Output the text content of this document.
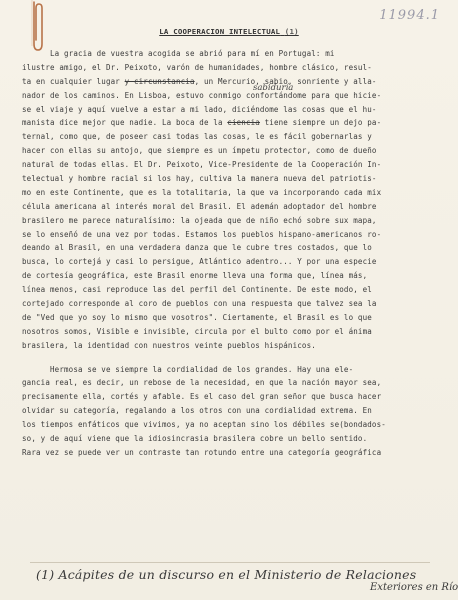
11994.1
LA COOPERACION INTELECTUAL (1)
sabiduría
La gracia de vuestra acogida se abrió para mí en Portugal: mi
ilustre amigo, el Dr. Peixoto, varón de humanidades, hombre clásico, resul-
ta en cualquier lugar y circunstancia, un Mercurio, sabio, sonriente y alla-
nador de los caminos. En Lisboa, estuvo conmigo confortándome para que hicie-
se el viaje y aquí vuelve a estar a mi lado, diciéndome las cosas que el hu-
manista dice mejor que nadie. La boca de la ciencia tiene siempre un dejo pa-
ternal, como que, de poseer casi todas las cosas, le es fácil gobernarlas y
hacer con ellas su antojo, que siempre es un ímpetu protector, como de dueño
natural de todas ellas. El Dr. Peixoto, Vice-Presidente de la Cooperación In-
telectual y hombre racial si los hay, cultiva la manera nueva del patriotis-
mo en este Continente, que es la totalitaria, la que va incorporando cada mix
célula americana al interés moral del Brasil. El ademán adoptador del hombre
brasilero me parece naturalísimo: la ojeada que de niño echó sobre sux mapa,
se lo enseñó de una vez por todas. Estamos los pueblos hispano-americanos ro-
deando al Brasil, en una verdadera danza que le cubre tres costados, que lo
busca, lo cortejá y casi lo persigue, Atlántico adentro... Y por una especie
de cortesía geográfica, este Brasil enorme lleva una forma que, línea más,
línea menos, casi reproduce las del perfil del Continente. De este modo, el
cortejado corresponde al coro de pueblos con una respuesta que talvez sea la
de "Ved que yo soy lo mismo que vosotros". Ciertamente, el Brasil es lo que
nosotros somos, Visible e invisible, circula por el bulto como por el ánima
brasilera, la identidad con nuestros veinte pueblos hispánicos.
Hermosa se ve siempre la cordialidad de los grandes. Hay una ele-
gancia real, es decir, un rebose de la necesidad, en que la nación mayor sea,
precisamente ella, cortés y afable. Es el caso del gran señor que busca hacer
olvidar su categoría, regalando a los otros con una cordialidad extrema. En
los tiempos enfáticos que vivimos, ya no aceptan sino los débiles se(bondados-
so, y de aquí viene que la idiosincrasia brasilera cobre un bello sentido.
Rara vez se puede ver un contraste tan rotundo entre una categoría geográfica
(1) Acápites de un discurso en el Ministerio de Relaciones
Exteriores en Río
